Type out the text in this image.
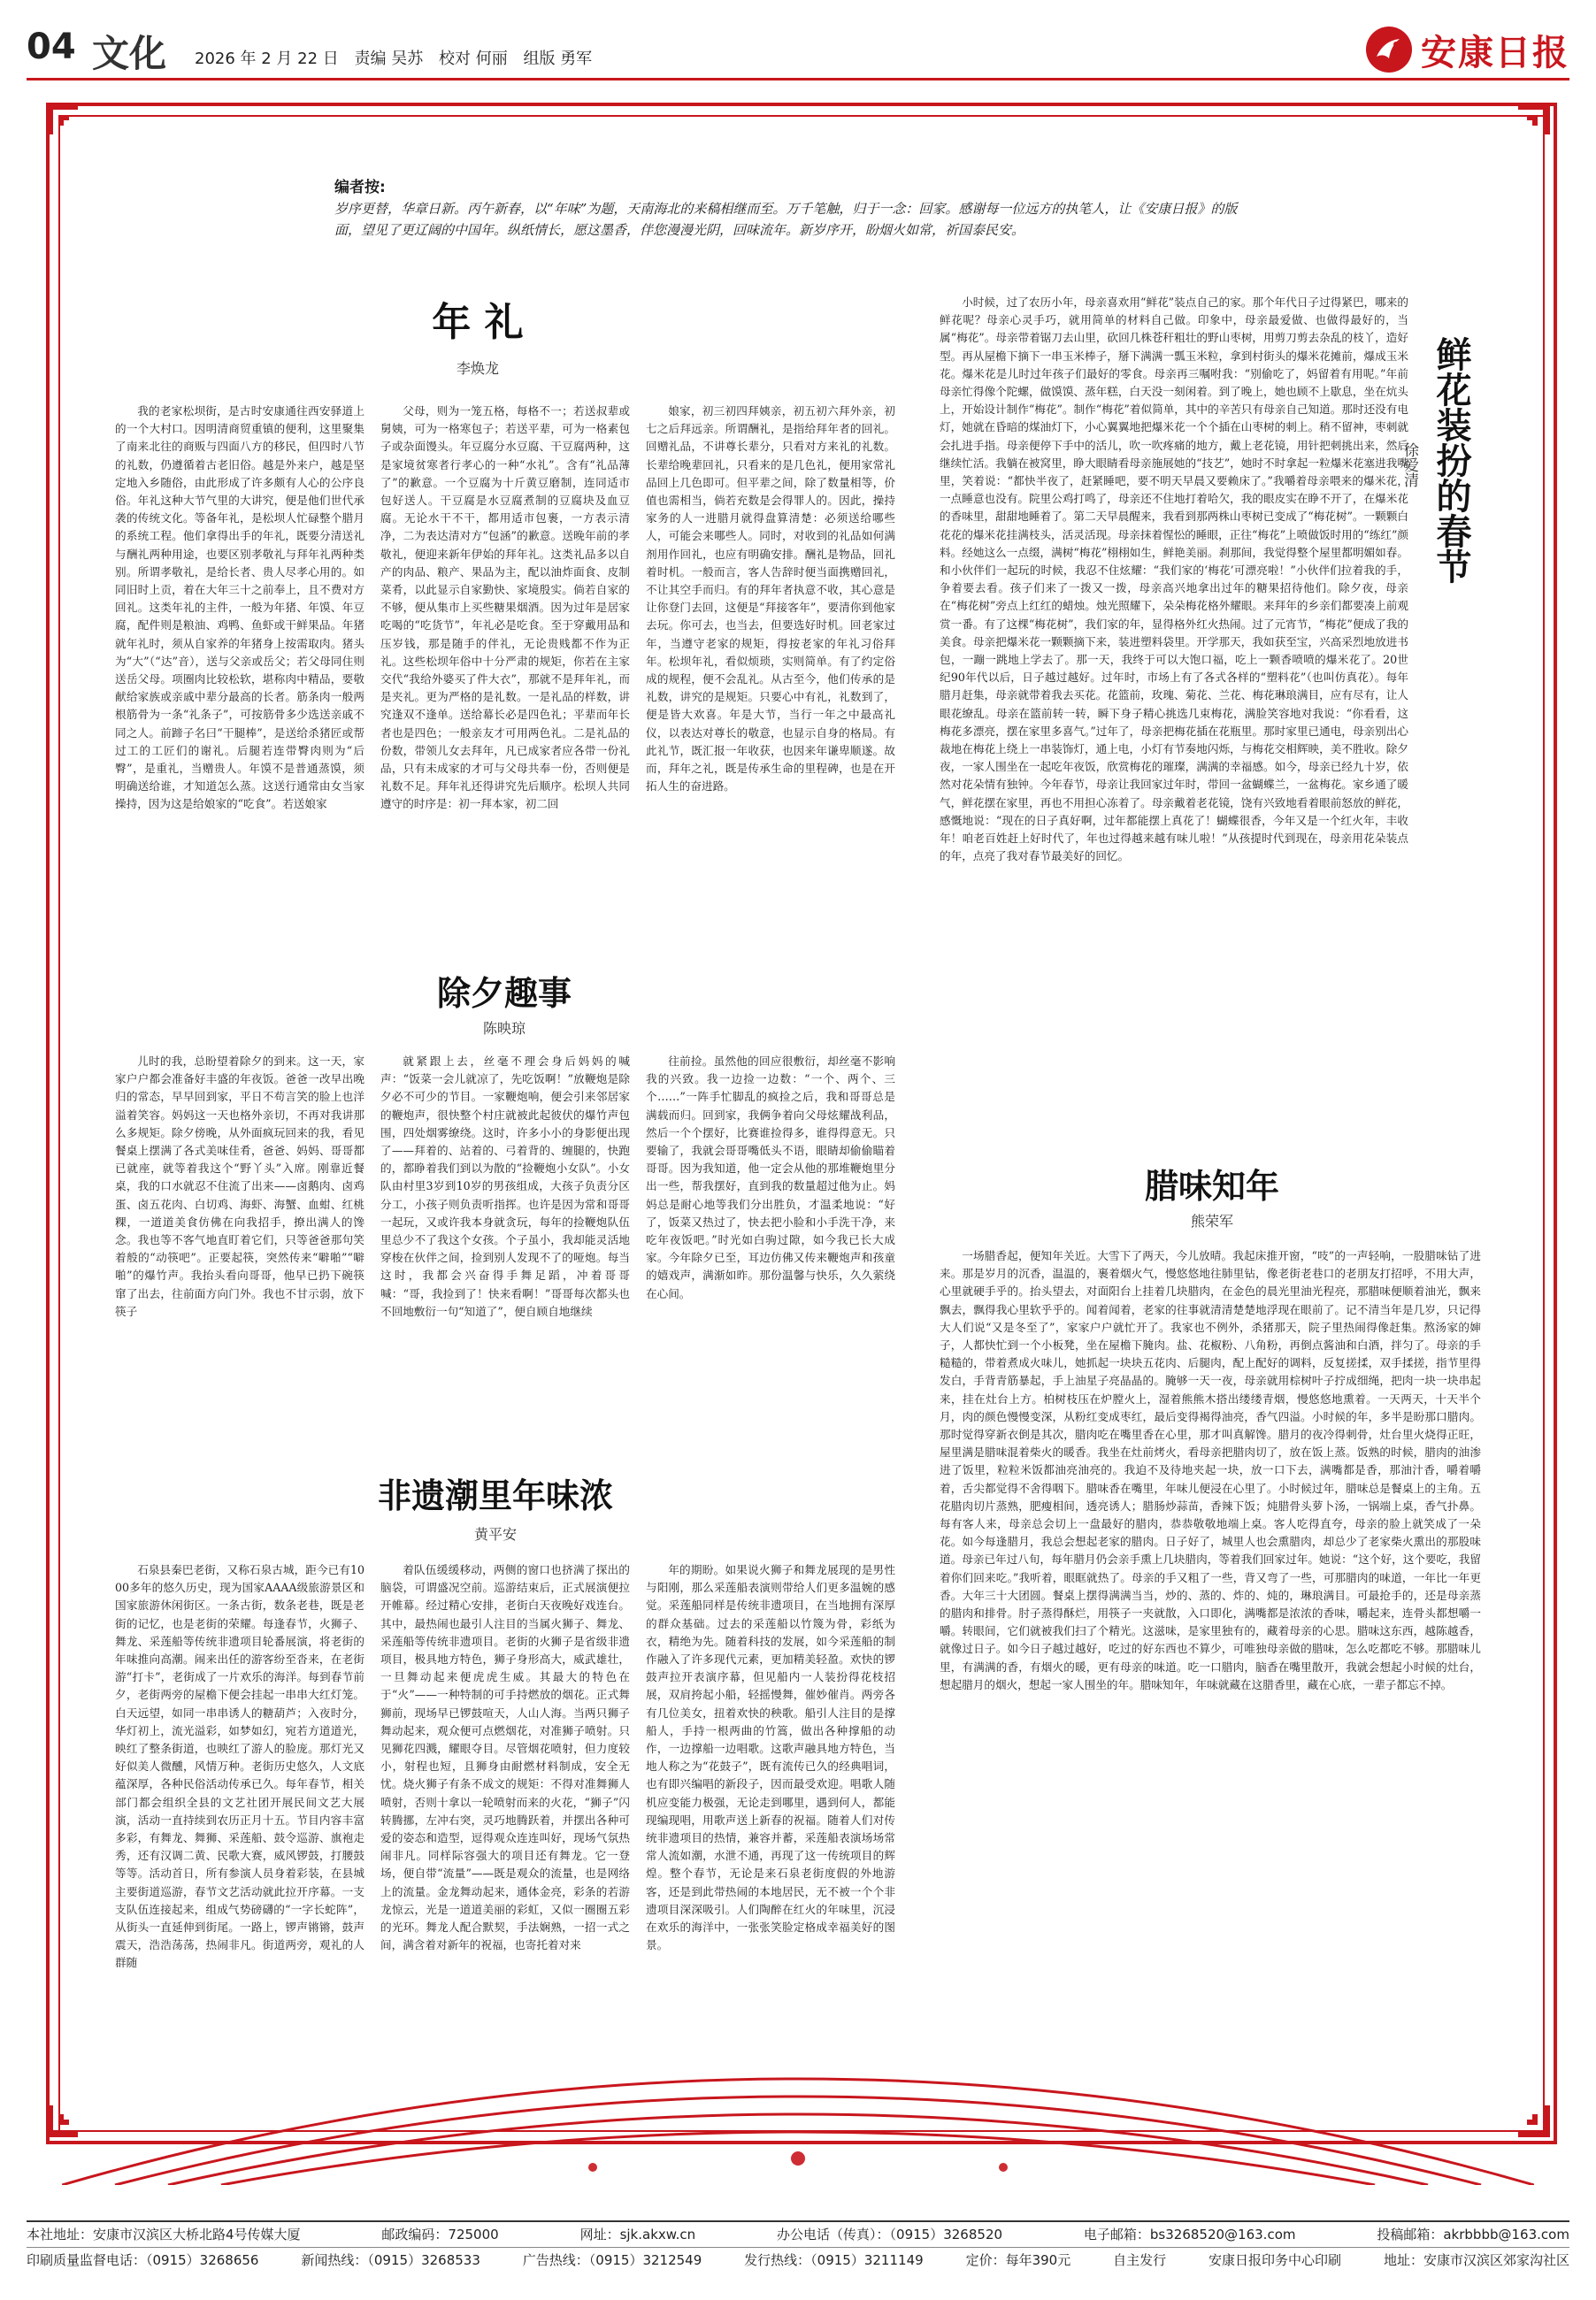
04 文化 2026 年 2 月 22 日 责编 吴苏 校对 何丽 组版 勇军	安康日报
编者按:
岁序更替，华章日新。丙午新春，以“年味”为题，天南海北的来稿相继而至。万千笔触，归于一念：回家。感谢每一位远方的执笔人，让《安康日报》的版面，望见了更辽阔的中国年。纵纸情长，愿这墨香，伴您漫漫光阴，回味流年。新岁序开，盼烟火如常，祈国泰民安。
年 礼
李焕龙

我的老家松坝街，是古时安康通往西安驿道上的一个大村口。因明清商贸重镇的便利，这里聚集了南来北往的商贩与四面八方的移民，但四时八节的礼数，仍遵循着古老旧俗。越是外来户，越是坚定地入乡随俗，由此形成了许多颇有人心的公序良俗。年礼这种大节气里的大讲究，便是他们世代承袭的传统文化。等备年礼，是松坝人忙碌整个腊月的系统工程。他们拿得出手的年礼，既要分清送礼与酬礼两种用途，也要区别孝敬礼与拜年礼两种类别。所谓孝敬礼，是给长者、贵人尽孝心用的。如同旧时上贡，着在大年三十之前奉上，且不费对方回礼。这类年礼的主件，一般为年猪、年馍、年豆腐，配件则是粮油、鸡鸭、鱼虾或干鲜果品。年猪就年礼时，须从自家养的年猪身上按需取肉。猪头为“大”（“达”音），送与父亲或岳父；若父母同住则送岳父母。项圈肉比较松软，堪称肉中精品，要敬献给家族或亲戚中辈分最高的长者。筋条肉一般两根筋骨为一条“礼条子”，可按筋骨多少选送亲戚不同之人。前蹄子名曰“干腿棒”，是送给杀猪匠或帮过工的工匠们的谢礼。后腿若连带臀肉则为“后臀”，是重礼，当赠贵人。年馍不是普通蒸馍，须明确送给谁，才知道怎么蒸。这送行通常由女当家操持，因为这是给娘家的“吃食”。若送娘家

父母，则为一笼五格，每格不一；若送叔辈或舅姨，可为一格寒包子；若送平辈，可为一格素包子或杂面馒头。年豆腐分水豆腐、干豆腐两种，这是家境贫寒者行孝心的一种“水礼”。含有“礼品薄了”的歉意。一个豆腐为十斤黄豆磨制，连同适市包好送人。干豆腐是水豆腐煮制的豆腐块及血豆腐。无论水干不干，都用适市包裹，一方表示清净，二为表达清对方“包涵”的歉意。送晚年前的孝敬礼，便迎来新年伊始的拜年礼。这类礼品多以自产的肉品、粮产、果品为主，配以油炸面食、皮制菜肴，以此显示自家勤快、家境殷实。倘若自家的不够，便从集市上买些糖果烟酒。因为过年是居家吃喝的“吃货节”，年礼必是吃食。至于穿戴用品和压岁钱，那是随手的伴礼，无论贵贱都不作为正礼。这些松坝年俗中十分严肃的规矩，你若在主家交代“我给外婆买了件大衣”，那就不是拜年礼，而是夹礼。更为严格的是礼数。一是礼品的样数，讲究逢双不逢单。送给幕长必是四色礼；平辈而年长者也是四色；一般亲友才可用两色礼。二是礼品的份数，带领儿女去拜年，凡已成家者应各带一份礼品，只有未成家的才可与父母共奉一份，否则便是礼数不足。拜年礼还得讲究先后顺序。松坝人共同遵守的时序是：初一拜本家，初二回

娘家，初三初四拜姨亲，初五初六拜外亲，初七之后拜远亲。所谓酬礼，是指给拜年者的回礼。回赠礼品，不讲尊长辈分，只看对方来礼的礼数。长辈给晚辈回礼，只看来的是几色礼，便用家常礼品回上几色即可。但平辈之间，除了数量相等，价值也需相当，倘若充数是会得罪人的。因此，操持家务的人一进腊月就得盘算清楚：必须送给哪些人，可能会来哪些人。同时，对收到的礼品如何满剂用作回礼，也应有明确安排。酬礼是物品，回礼着时机。一般而言，客人告辞时便当面携赠回礼，不让其空手而归。有的拜年者执意不收，其心意是让你登门去回，这便是“拜接客年”，要清你到他家去玩。你可去，也当去，但要选好时机。回老家过年，当遵守老家的规矩，得按老家的年礼习俗拜年。松坝年礼，看似烦琐，实则简单。有了约定俗成的规程，便不会乱礼。从古至今，他们传承的是礼数，讲究的是规矩。只要心中有礼，礼数到了，便是皆大欢喜。年是大节，当行一年之中最高礼仪，以表达对尊长的敬意，也显示自身的格局。有此礼节，既汇报一年收获，也因来年谦卑顺遂。故而，拜年之礼，既是传承生命的里程碑，也是在开拓人生的奋进路。

除夕趣事
陈映琼

儿时的我，总盼望着除夕的到来。这一天，家家户户都会准备好丰盛的年夜饭。爸爸一改早出晚归的常态，早早回到家，平日不苟言笑的脸上也洋溢着笑容。妈妈这一天也格外亲切，不再对我讲那么多规矩。除夕傍晚，从外面疯玩回来的我，看见餐桌上摆满了各式美味佳肴，爸爸、妈妈、哥哥都已就座，就等着我这个“野丫头”入席。刚靠近餐桌，我的口水就忍不住流了出来——卤鹅肉、卤鸡蛋、卤五花肉、白切鸡、海虾、海蟹、血蚶、红桃粿，一道道美食仿佛在向我招手，撩出满人的馋念。我也等不客气地直盯着它们，只等爸爸那句笑着般的“动筷吧”。正要起筷，突然传来“噼啪”“噼啪”的爆竹声。我抬头看向哥哥，他早已扔下碗筷窜了出去，往前面方向门外。我也不甘示弱，放下筷子

就紧跟上去，丝毫不理会身后妈妈的喊声：“饭菜一会儿就凉了，先吃饭啊！”放鞭炮是除夕必不可少的节目。一家鞭炮响，便会引来邻居家的鞭炮声，很快整个村庄就被此起彼伏的爆竹声包围，四处烟雾缭绕。这时，许多小小的身影便出现了——拜着的、站着的、弓着背的、缠腿的，快跑的，都睁着我们到以为散的“捡鞭炮小女队”。小女队由村里3岁到10岁的男孩组成，大孩子负责分区分工，小孩子则负责听指挥。也许是因为常和哥哥一起玩，又或许我本身就贪玩，每年的捡鞭炮队伍里总少不了我这个女孩。个子虽小，我却能灵活地穿梭在伙伴之间，捡到别人发现不了的哑炮。每当这时，我都会兴奋得手舞足蹈，冲着哥哥喊：“哥，我捡到了！快来看啊！”哥哥每次都头也不回地敷衍一句“知道了”，便自顾自地继续

往前捡。虽然他的回应很敷衍，却丝毫不影响我的兴致。我一边捡一边数：“一个、两个、三个……”一阵手忙脚乱的疯捡之后，我和哥哥总是满载而归。回到家，我俩争着向父母炫耀战利品，然后一个个摆好，比赛谁捡得多，谁得得意无。只要输了，我就会哥哥嘴低头不语，眼睛却偷偷瞄着哥哥。因为我知道，他一定会从他的那堆鞭炮里分出一些，帮我摆好，直到我的数量超过他为止。妈妈总是耐心地等我们分出胜负，才温柔地说：“好了，饭菜又热过了，快去把小脸和小手洗干净，来吃年夜饭吧。”时光如白驹过隙，如今我已长大成家。今年除夕已至，耳边仿佛又传来鞭炮声和孩童的嬉戏声，满渐如昨。那份温馨与快乐，久久萦绕在心间。

非遗潮里年味浓
黄平安

石泉县秦巴老街，又称石泉古城，距今已有1000多年的悠久历史，现为国家AAAA级旅游景区和国家旅游休闲街区。一条古街，数条老巷，既是老街的记忆，也是老街的荣耀。每逢春节，火狮子、舞龙、采莲船等传统非遗项目轮番展演，将老街的年味推向高潮。闹来出任的游客纷至沓来，在老街游“打卡”，老街成了一片欢乐的海洋。每到春节前夕，老街两旁的屋檐下便会挂起一串串大红灯笼。白天远望，如同一串串诱人的糖葫芦；入夜时分，华灯初上，流光溢彩，如梦如幻，宛若方道道光，映红了整条街道，也映红了游人的脸庞。那灯光又好似美人微醺，风情万种。老街历史悠久，人文底蕴深厚，各种民俗活动传承已久。每年春节，相关部门都会组织全县的文艺社团开展民间文艺大展演，活动一直持续到农历正月十五。节目内容丰富多彩，有舞龙、舞狮、采莲船、鼓令巡游、旗袍走秀，还有汉调二黄、民歌大赛，威风锣鼓，打腰鼓等等。活动首日，所有参演人员身着彩装，在县城主要街道巡游，春节文艺活动就此拉开序幕。一支支队伍连接起来，组成气势磅礴的“一字长蛇阵”，从街头一直延伸到街尾。一路上，锣声锵锵，鼓声震天，浩浩荡荡，热闹非凡。街道两旁，观礼的人群随

着队伍缓缓移动，两侧的窗口也挤满了探出的脑袋，可谓盛况空前。巡游结束后，正式展演便拉开帷幕。经过精心安排，老街白天夜晚好戏连台。其中，最热闹也最引人注目的当属火狮子、舞龙、采莲船等传统非遗项目。老街的火狮子是省级非遗项目，极具地方特色，狮子身形高大，威武雄壮，一旦舞动起来便虎虎生威。其最大的特色在于“火”——一种特制的可手持燃放的烟花。正式舞狮前，现场早已锣鼓喧天，人山人海。当两只狮子舞动起来，观众便可点燃烟花，对准狮子喷射。只见狮花四溅，耀眼夺目。尽管烟花喷射，但力度较小，射程也短，且狮身由耐燃材料制成，安全无忧。烧火狮子有条不成文的规矩：不得对准舞狮人喷射，否则十拿以一轮喷射而来的火花，“狮子”闪转腾挪，左冲右突，灵巧地腾跃着，并摆出各种可爱的姿态和造型，逗得观众连连叫好，现场气氛热闹非凡。同样际容强大的项目还有舞龙。它一登场，便自带“流量”——既是观众的流量，也是网络上的流量。金龙舞动起来，通体金亮，彩条的若游龙惊云，光是一道道美丽的彩虹，又似一圈圈五彩的光环。舞龙人配合默契，手法娴熟，一招一式之间，满含着对新年的祝福，也寄托着对来

年的期盼。如果说火狮子和舞龙展现的是男性与阳刚，那么采莲船表演则带给人们更多温婉的感觉。采莲船同样是传统非遗项目，在当地拥有深厚的群众基础。过去的采莲船以竹篾为骨，彩纸为衣，精绝为先。随着科技的发展，如今采莲船的制作融入了许多现代元素，更加精美轻盈。欢快的锣鼓声拉开表演序幕，但见船内一人装扮得花枝招展，双肩挎起小船，轻摇慢舞，催妙催肖。两旁各有几位美女，扭着欢快的秧歌。船引人注目的是撑船人，手持一根两曲的竹篙，做出各种撑船的动作，一边撑船一边唱歌。这歌声融具地方特色，当地人称之为“花鼓子”，既有流传已久的经典唱词，也有即兴编唱的新段子，因而最受欢迎。唱歌人随机应变能力极强，无论走到哪里，遇到何人，都能现编现唱，用歌声送上新春的祝福。随着人们对传统非遗项目的热情，兼容并蓄，采莲船表演场场常常人流如潮，水泄不通，再现了这一传统项目的辉煌。整个春节，无论是来石泉老街度假的外地游客，还是到此带热闹的本地居民，无不被一个个非遗项目深深吸引。人们陶醉在红火的年味里，沉浸在欢乐的海洋中，一张张笑脸定格成幸福美好的图景。

小时候，过了农历小年，母亲喜欢用“鲜花”装点自己的家。那个年代日子过得紧巴，哪来的鲜花呢？母亲心灵手巧，就用简单的材料自己做。印象中，母亲最爱做、也做得最好的，当属“梅花”。母亲带着锯刀去山里，砍回几株苍秆粗壮的野山枣树，用剪刀剪去杂乱的枝丫，造好型。再从屋檐下摘下一串玉米棒子，掰下满满一瓢玉米粒，拿到村街头的爆米花摊前，爆成玉米花。爆米花是儿时过年孩子们最好的零食。母亲再三嘱咐我：“别偷吃了，妈留着有用呢。”年前母亲忙得像个陀螺，做馍馍、蒸年糕，白天没一刻闲着。到了晚上，她也顾不上歇息，坐在炕头上，开始设计制作“梅花”。制作“梅花”着似简单，其中的辛苦只有母亲自己知道。那时还没有电灯，她就在昏暗的煤油灯下，小心翼翼地把爆米花一个个插在山枣树的刺上。稍不留神，枣刺就会扎进手指。母亲便停下手中的活儿，吹一吹疼痛的地方，戴上老花镜，用针把刺挑出来，然后继续忙活。我躺在被窝里，睁大眼睛看母亲施展她的“技艺”，她时不时拿起一粒爆米花塞进我嘴里，笑着说：“都快半夜了，赶紧睡吧，要不明天早晨又要赖床了。”我嚼着母亲喂来的爆米花，一点睡意也没有。院里公鸡打鸣了，母亲还不住地打着哈欠，我的眼皮实在睁不开了，在爆米花的香味里，甜甜地睡着了。第二天早晨醒来，我看到那两株山枣树已变成了“梅花树”。一颗颗白花花的爆米花挂满枝头，活灵活现。母亲抹着惺忪的睡眼，正往“梅花”上喷做饭时用的“练红”颜料。经她这么一点缀，满树“梅花”栩栩如生，鲜艳美丽。刹那间，我觉得整个屋里都明媚如春。和小伙伴们一起玩的时候，我忍不住炫耀：“我们家的‘梅花’可漂亮啦！”小伙伴们拉着我的手，争着要去看。孩子们来了一拨又一拨，母亲高兴地拿出过年的糖果招待他们。除夕夜，母亲在“梅花树”旁点上红红的蜡烛。烛光照耀下，朵朵梅花格外耀眼。来拜年的乡亲们都要凑上前观赏一番。有了这棵“梅花树”，我们家的年，显得格外红火热闹。过了元宵节，“梅花”便成了我的美食。母亲把爆米花一颗颗摘下来，装进塑料袋里。开学那天，我如获至宝，兴高采烈地放进书包，一蹦一跳地上学去了。那一天，我终于可以大饱口福，吃上一颗香喷喷的爆米花了。20世纪90年代以后，日子越过越好。过年时，市场上有了各式各样的“塑料花”（也叫仿真花）。每年腊月赶集，母亲就带着我去买花。花篮前，玫瑰、菊花、兰花、梅花琳琅满目，应有尽有，让人眼花缭乱。母亲在篮前转一转，瞬下身子精心挑选几束梅花，满脸笑容地对我说：“你看看，这梅花多漂亮，摆在家里多喜气。”过年了，母亲把梅花插在花瓶里。那时家里已通电，母亲别出心裁地在梅花上绕上一串装饰灯，通上电，小灯有节奏地闪烁，与梅花交相辉映，美不胜收。除夕夜，一家人围坐在一起吃年夜饭，欣赏梅花的璀璨，满满的幸福感。如今，母亲已经九十岁，依然对花朵情有独钟。今年春节，母亲让我回家过年时，带回一盆蝴蝶兰，一盆梅花。家乡通了暖气，鲜花摆在家里，再也不用担心冻着了。母亲戴着老花镜，饶有兴致地看着眼前怒放的鲜花，感慨地说：“现在的日子真好啊，过年都能摆上真花了！蝴蝶很香，今年又是一个红火年，丰收年！咱老百姓赶上好时代了，年也过得越来越有味儿啦！”从孩提时代到现在，母亲用花朵装点的年，点亮了我对春节最美好的回忆。

鲜花装扮的春节
徐爱清
腊味知年
熊荣军

一场腊香起，便知年关近。大雪下了两天，今儿放晴。我起床推开窗，“吱”的一声轻响，一股腊味钻了进来。那是岁月的沉香，温温的，裹着烟火气，慢悠悠地往肺里钻，像老街老巷口的老朋友打招呼，不用大声，心里就硬手乎的。抬头望去，对面阳台上挂着几块腊肉，在金色的晨光里油光程亮，那腊味便顺着油光，飘来飘去，飘得我心里软乎乎的。闻着闻着，老家的往事就清清楚楚地浮现在眼前了。记不清当年是几岁，只记得大人们说“又是冬至了”，家家户户就忙开了。我家也不例外，杀猪那天，院子里热闹得像赶集。熬汤家的婶子，人都快忙到一个小板凳，坐在屋檐下腌肉。盐、花椒粉、八角粉，再倒点酱油和白酒，拌匀了。母亲的手糙糙的，带着煮成火味儿，她抓起一块块五花肉、后腿肉，配上配好的调料，反复搓揉，双手揉搓，指节里得发白，手背青筋暴起，手上油星子亮晶晶的。腌够一天一夜，母亲就用棕树叶子拧成细绳，把肉一块一块串起来，挂在灶台上方。柏树枝压在炉膛火上，湿着熊熊木搭出缕缕青烟，慢悠悠地熏着。一天两天，十天半个月，肉的颜色慢慢变深，从粉红变成枣红，最后变得褐得油亮，香气四溢。小时候的年，多半是盼那口腊肉。那时觉得穿新衣倒是其次，腊肉吃在嘴里香在心里，那才叫真解馋。腊月的夜冷得刺骨，灶台里火烧得正旺，屋里满是腊味混着柴火的暖香。我坐在灶前烤火，看母亲把腊肉切了，放在饭上蒸。饭熟的时候，腊肉的油渗进了饭里，粒粒米饭都油亮油亮的。我迫不及待地夹起一块，放一口下去，满嘴都是香，那油汁香，嚼着嚼着，舌尖都觉得不舍得咽下。腊味香在嘴里，年味儿便浸在心里了。小时候过年，腊味总是餐桌上的主角。五花腊肉切片蒸熟，肥瘦相间，透亮诱人；腊肠炒蒜苗，香辣下饭；炖腊骨头萝卜汤，一锅端上桌，香气扑鼻。每有客人来，母亲总会切上一盘最好的腊肉，恭恭敬敬地端上桌。客人吃得直夸，母亲的脸上就笑成了一朵花。如今每逢腊月，我总会想起老家的腊肉。日子好了，城里人也会熏腊肉，却总少了老家柴火熏出的那股味道。母亲已年过八旬，每年腊月仍会亲手熏上几块腊肉，等着我们回家过年。她说：“这个好，这个要吃，我留着你们回来吃。”我听着，眼眶就热了。母亲的手又粗了一些，背又弯了一些，可那腊肉的味道，一年比一年更香。大年三十大团圆。餐桌上摆得满满当当，炒的、蒸的、炸的、炖的，琳琅满目。可最抢手的，还是母亲蒸的腊肉和排骨。肘子蒸得酥烂，用筷子一夹就散，入口即化，满嘴都是浓浓的香味，嚼起来，连骨头都想嚼一嚼。转眼间，它们就被我们扫了个精光。这滋味，是家里独有的，藏着母亲的心思。腊味这东西，越陈越香，就像过日子。如今日子越过越好，吃过的好东西也不算少，可唯独母亲做的腊味，怎么吃都吃不够。那腊味儿里，有满满的香，有烟火的暖，更有母亲的味道。吃一口腊肉，脑香在嘴里散开，我就会想起小时候的灶台，想起腊月的烟火，想起一家人围坐的年。腊味知年，年味就藏在这腊香里，藏在心底，一辈子都忘不掉。

本社地址：安康市汉滨区大桥北路4号传媒大厦	邮政编码：725000	网址：sjk.akxw.cn	办公电话（传真）：（0915）3268520	电子邮箱：bs3268520@163.com	投稿邮箱：akrbbbb@163.com
印刷质量监督电话：（0915）3268656	新闻热线：（0915）3268533	广告热线：（0915）3212549	发行热线：（0915）3211149	定价：每年390元	自主发行	安康日报印务中心印刷	地址：安康市汉滨区郊家沟社区
